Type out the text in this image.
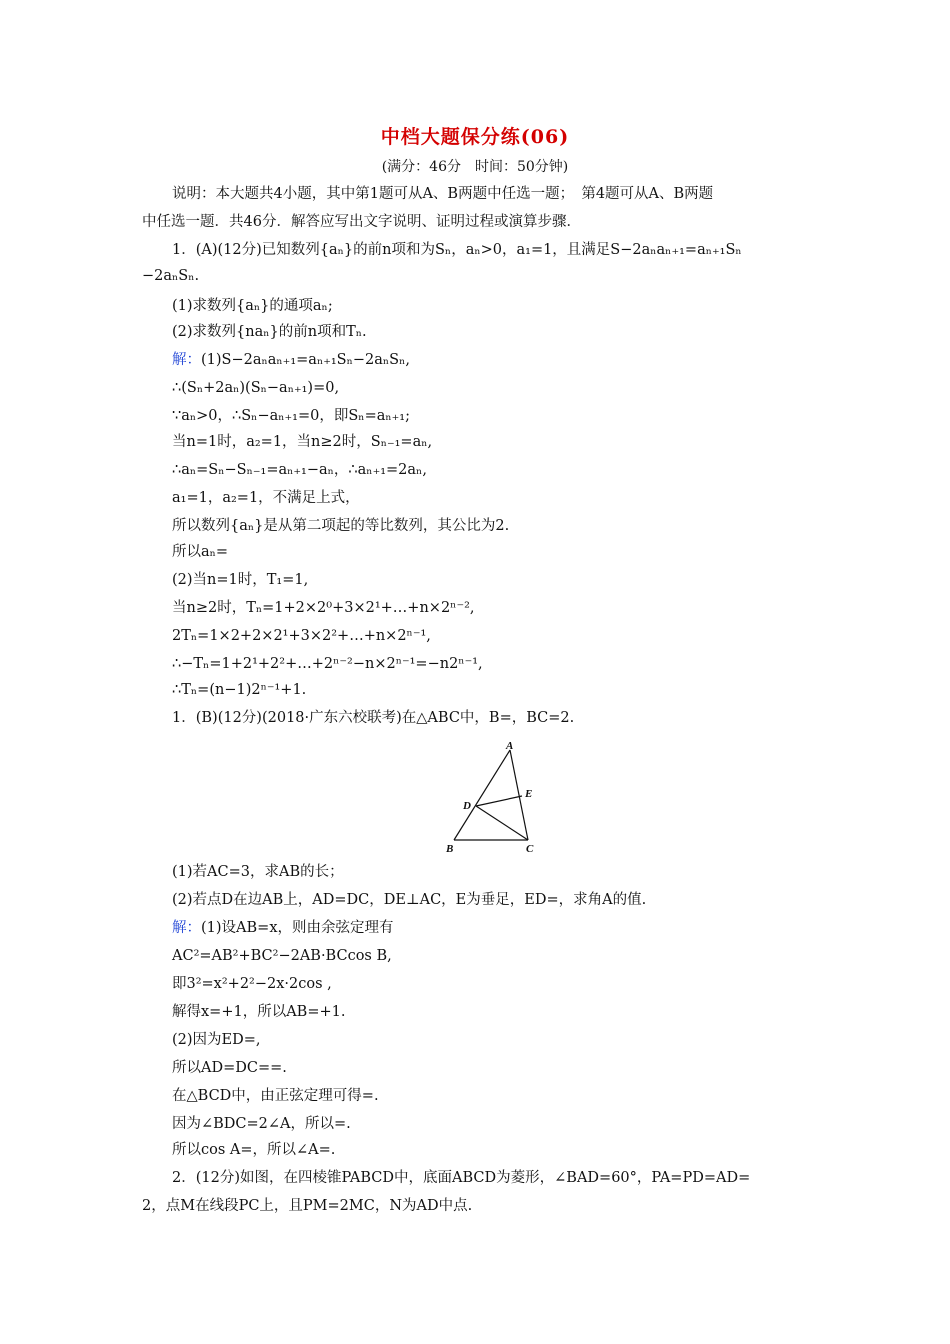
中档大题保分练(06)
(满分：46分　时间：50分钟)
说明：本大题共4小题，其中第1题可从A、B两题中任选一题；　第4题可从A、B两题
中任选一题．共46分．解答应写出文字说明、证明过程或演算步骤．
1．(A)(12分)已知数列{aₙ}的前n项和为Sₙ，aₙ>0，a₁=1，且满足S−2aₙaₙ₊₁=aₙ₊₁Sₙ
−2aₙSₙ.
(1)求数列{aₙ}的通项aₙ;
(2)求数列{naₙ}的前n项和Tₙ.
解：(1)S−2aₙaₙ₊₁=aₙ₊₁Sₙ−2aₙSₙ,
∴(Sₙ+2aₙ)(Sₙ−aₙ₊₁)=0,
∵aₙ>0，∴Sₙ−aₙ₊₁=0，即Sₙ=aₙ₊₁;
当n=1时，a₂=1，当n≥2时，Sₙ₋₁=aₙ,
∴aₙ=Sₙ−Sₙ₋₁=aₙ₊₁−aₙ，∴aₙ₊₁=2aₙ,
a₁=1，a₂=1，不满足上式，
所以数列{aₙ}是从第二项起的等比数列，其公比为2.
所以aₙ=
(2)当n=1时，T₁=1,
当n≥2时，Tₙ=1+2×2⁰+3×2¹+…+n×2ⁿ⁻²,
2Tₙ=1×2+2×2¹+3×2²+…+n×2ⁿ⁻¹,
∴−Tₙ=1+2¹+2²+…+2ⁿ⁻²−n×2ⁿ⁻¹=−n2ⁿ⁻¹,
∴Tₙ=(n−1)2ⁿ⁻¹+1.
1．(B)(12分)(2018·广东六校联考)在△ABC中，B=，BC=2.
A
E
D
B	C
(1)若AC=3，求AB的长；
(2)若点D在边AB上，AD=DC，DE⊥AC，E为垂足，ED=，求角A的值.
解：(1)设AB=x，则由余弦定理有
AC²=AB²+BC²−2AB·BCcos B,
即3²=x²+2²−2x·2cos ,
解得x=+1，所以AB=+1.
(2)因为ED=,
所以AD=DC==.
在△BCD中，由正弦定理可得=.
因为∠BDC=2∠A，所以=.
所以cos A=，所以∠A=.
2．(12分)如图，在四棱锥PABCD中，底面ABCD为菱形，∠BAD=60°，PA=PD=AD=
2，点M在线段PC上，且PM=2MC，N为AD中点.
